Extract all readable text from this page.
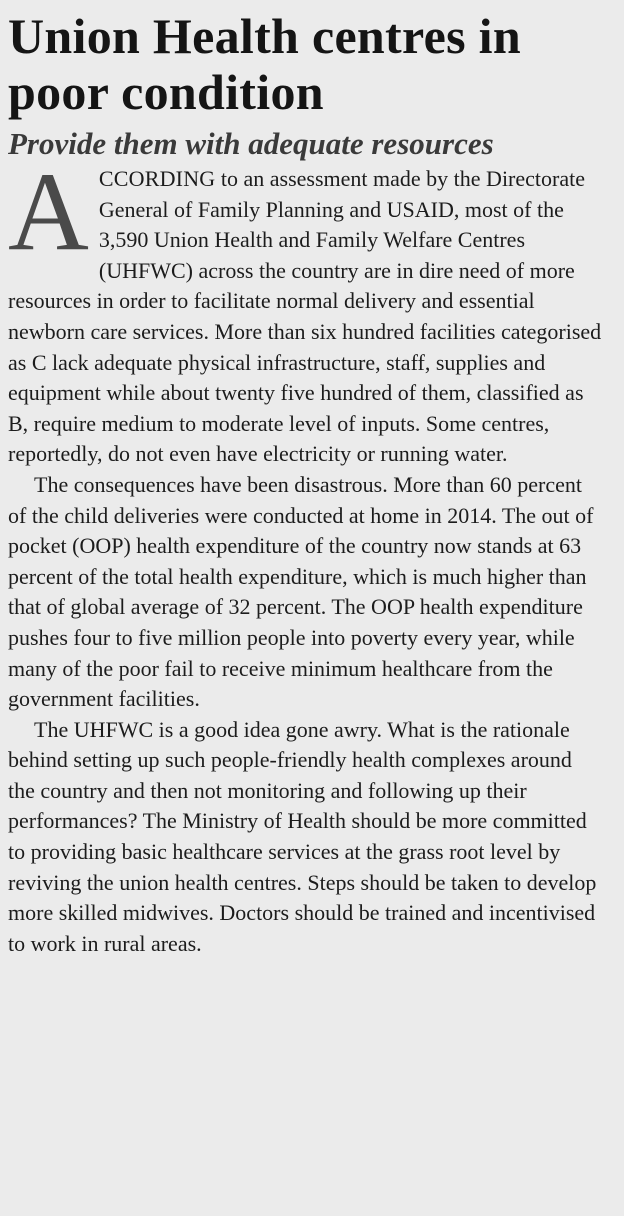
Union Health centres in poor condition
Provide them with adequate resources

ACCORDING to an assessment made by the Directorate General of Family Planning and USAID, most of the 3,590 Union Health and Family Welfare Centres (UHFWC) across the country are in dire need of more resources in order to facilitate normal delivery and essential newborn care services. More than six hundred facilities categorised as C lack adequate physical infrastructure, staff, supplies and equipment while about twenty five hundred of them, classified as B, require medium to moderate level of inputs. Some centres, reportedly, do not even have electricity or running water.

The consequences have been disastrous. More than 60 percent of the child deliveries were conducted at home in 2014. The out of pocket (OOP) health expenditure of the country now stands at 63 percent of the total health expenditure, which is much higher than that of global average of 32 percent. The OOP health expenditure pushes four to five million people into poverty every year, while many of the poor fail to receive minimum healthcare from the government facilities.

The UHFWC is a good idea gone awry. What is the rationale behind setting up such people-friendly health complexes around the country and then not monitoring and following up their performances? The Ministry of Health should be more committed to providing basic healthcare services at the grass root level by reviving the union health centres. Steps should be taken to develop more skilled midwives. Doctors should be trained and incentivised to work in rural areas.
